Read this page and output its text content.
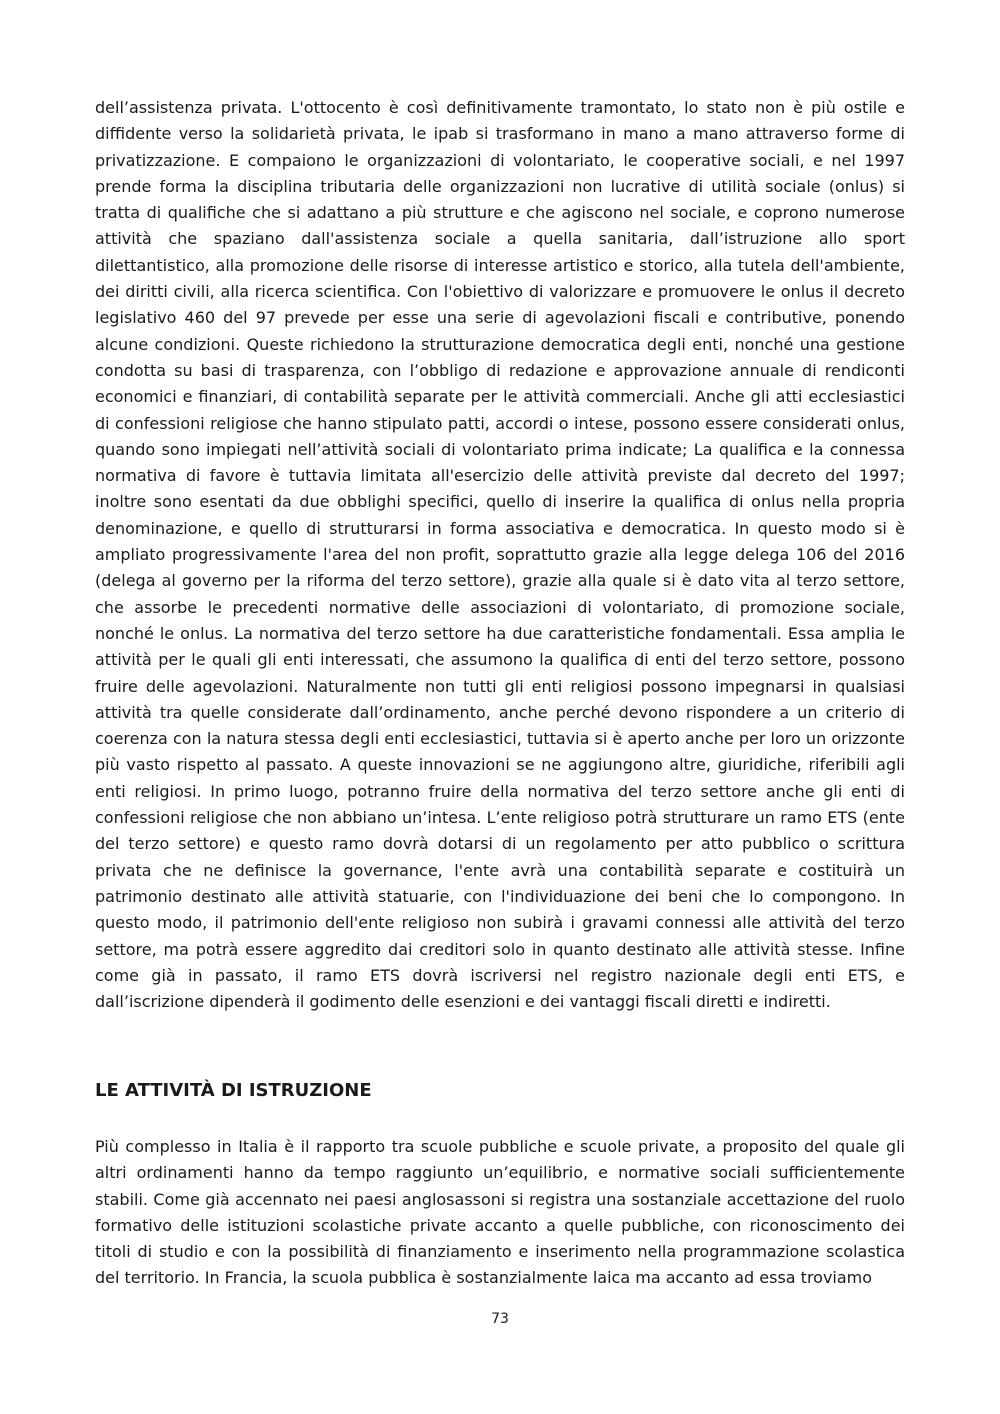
dell’assistenza privata. L'ottocento è così definitivamente tramontato, lo stato non è più ostile e diffidente verso la solidarietà privata, le ipab si trasformano in mano a mano attraverso forme di privatizzazione. E compaiono le organizzazioni di volontariato, le cooperative sociali, e nel 1997 prende forma la disciplina tributaria delle organizzazioni non lucrative di utilità sociale (onlus) si tratta di qualifiche che si adattano a più strutture e che agiscono nel sociale, e coprono numerose attività che spaziano dall'assistenza sociale a quella sanitaria, dall’istruzione allo sport dilettantistico, alla promozione delle risorse di interesse artistico e storico, alla tutela dell'ambiente, dei diritti civili, alla ricerca scientifica. Con l'obiettivo di valorizzare e promuovere le onlus il decreto legislativo 460 del 97 prevede per esse una serie di agevolazioni fiscali e contributive, ponendo alcune condizioni. Queste richiedono la strutturazione democratica degli enti, nonché una gestione condotta su basi di trasparenza, con l’obbligo di redazione e approvazione annuale di rendiconti economici e finanziari, di contabilità separate per le attività commerciali. Anche gli atti ecclesiastici di confessioni religiose che hanno stipulato patti, accordi o intese, possono essere considerati onlus, quando sono impiegati nell’attività sociali di volontariato prima indicate; La qualifica e la connessa normativa di favore è tuttavia limitata all'esercizio delle attività previste dal decreto del 1997; inoltre sono esentati da due obblighi specifici, quello di inserire la qualifica di onlus nella propria denominazione, e quello di strutturarsi in forma associativa e democratica. In questo modo si è ampliato progressivamente l'area del non profit, soprattutto grazie alla legge delega 106 del 2016 (delega al governo per la riforma del terzo settore), grazie alla quale si è dato vita al terzo settore, che assorbe le precedenti normative delle associazioni di volontariato, di promozione sociale, nonché le onlus. La normativa del terzo settore ha due caratteristiche fondamentali. Essa amplia le attività per le quali gli enti interessati, che assumono la qualifica di enti del terzo settore, possono fruire delle agevolazioni. Naturalmente non tutti gli enti religiosi possono impegnarsi in qualsiasi attività tra quelle considerate dall’ordinamento, anche perché devono rispondere a un criterio di coerenza con la natura stessa degli enti ecclesiastici, tuttavia si è aperto anche per loro un orizzonte più vasto rispetto al passato. A queste innovazioni se ne aggiungono altre, giuridiche, riferibili agli enti religiosi. In primo luogo, potranno fruire della normativa del terzo settore anche gli enti di confessioni religiose che non abbiano un’intesa. L’ente religioso potrà strutturare un ramo ETS (ente del terzo settore) e questo ramo dovrà dotarsi di un regolamento per atto pubblico o scrittura privata che ne definisce la governance, l'ente avrà una contabilità separate e costituirà un patrimonio destinato alle attività statuarie, con l'individuazione dei beni che lo compongono. In questo modo, il patrimonio dell'ente religioso non subirà i gravami connessi alle attività del terzo settore, ma potrà essere aggredito dai creditori solo in quanto destinato alle attività stesse. Infine come già in passato, il ramo ETS dovrà iscriversi nel registro nazionale degli enti ETS, e dall’iscrizione dipenderà il godimento delle esenzioni e dei vantaggi fiscali diretti e indiretti.

LE ATTIVITÀ DI ISTRUZIONE

Più complesso in Italia è il rapporto tra scuole pubbliche e scuole private, a proposito del quale gli altri ordinamenti hanno da tempo raggiunto un’equilibrio, e normative sociali sufficientemente stabili. Come già accennato nei paesi anglosassoni si registra una sostanziale accettazione del ruolo formativo delle istituzioni scolastiche private accanto a quelle pubbliche, con riconoscimento dei titoli di studio e con la possibilità di finanziamento e inserimento nella programmazione scolastica del territorio. In Francia, la scuola pubblica è sostanzialmente laica ma accanto ad essa troviamo

73
